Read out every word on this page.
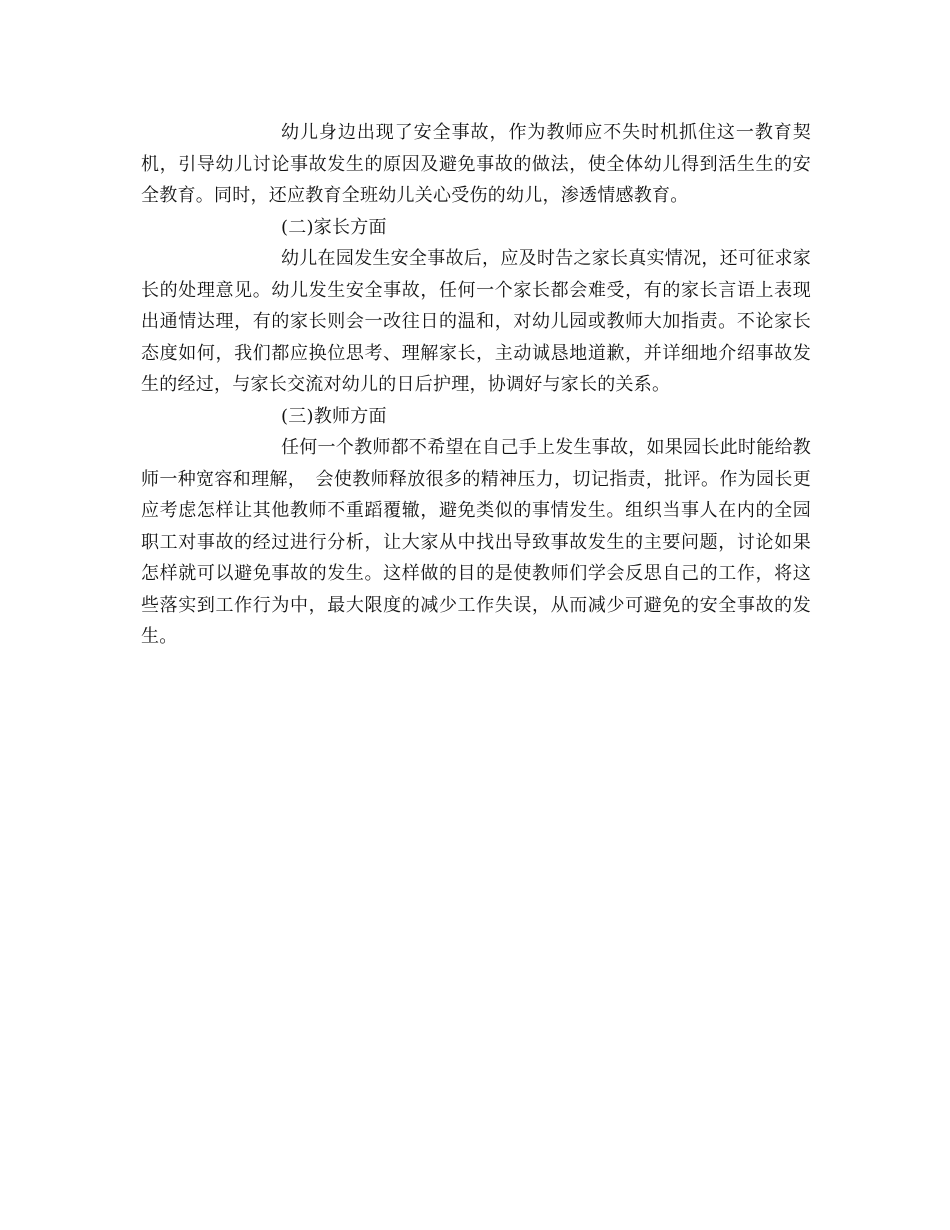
幼儿身边出现了安全事故，作为教师应不失时机抓住这一教育契机，引导幼儿讨论事故发生的原因及避免事故的做法，使全体幼儿得到活生生的安全教育。同时，还应教育全班幼儿关心受伤的幼儿，渗透情感教育。

(二)家长方面

幼儿在园发生安全事故后，应及时告之家长真实情况，还可征求家长的处理意见。幼儿发生安全事故，任何一个家长都会难受，有的家长言语上表现出通情达理，有的家长则会一改往日的温和，对幼儿园或教师大加指责。不论家长态度如何，我们都应换位思考、理解家长，主动诚恳地道歉，并详细地介绍事故发生的经过，与家长交流对幼儿的日后护理，协调好与家长的关系。

(三)教师方面

任何一个教师都不希望在自己手上发生事故，如果园长此时能给教师一种宽容和理解，　会使教师释放很多的精神压力，切记指责，批评。作为园长更应考虑怎样让其他教师不重蹈覆辙，避免类似的事情发生。组织当事人在内的全园职工对事故的经过进行分析，让大家从中找出导致事故发生的主要问题，讨论如果怎样就可以避免事故的发生。这样做的目的是使教师们学会反思自己的工作，将这些落实到工作行为中，最大限度的减少工作失误，从而减少可避免的安全事故的发生。
